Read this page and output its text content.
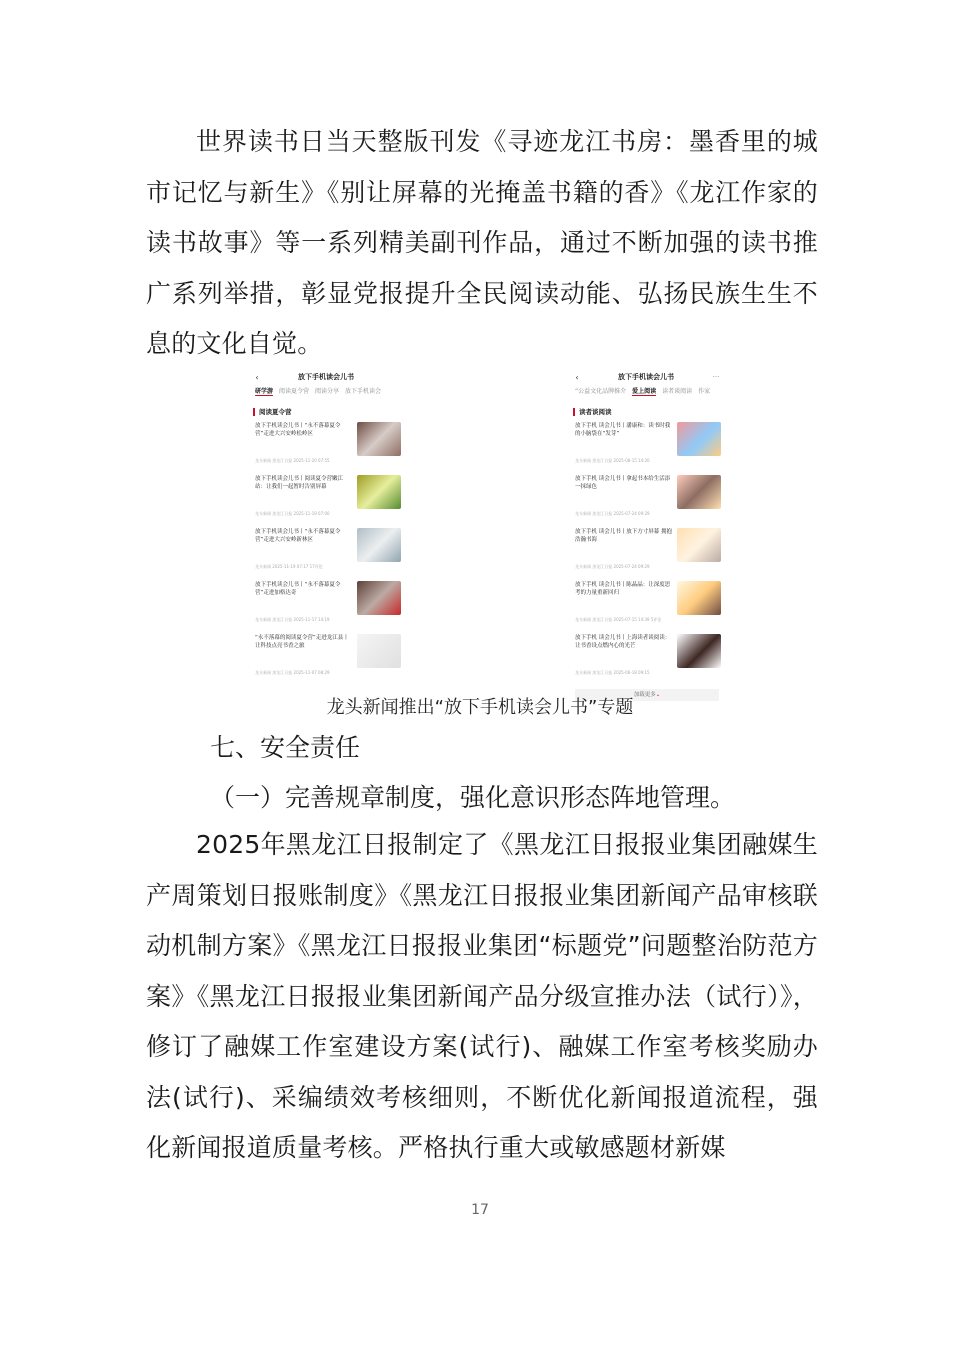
世界读书日当天整版刊发《寻迹龙江书房：墨香里的城市记忆与新生》《别让屏幕的光掩盖书籍的香》《龙江作家的读书故事》等一系列精美副刊作品，通过不断加强的读书推广系列举措，彰显党报提升全民阅读动能、弘扬民族生生不息的文化自觉。

‹	放下手机读会儿书
研学游 阅读夏令营 阅读分享 放下手机读会
阅读夏令营
放下手机读会儿书丨“永不落幕夏令营”走进大兴安岭松岭区
龙头新闻 黑龙江日报 2025-11-20 07:55
放下手机读会儿书丨阅读夏令营嫩江站：让我们一起暂时告别屏幕
龙头新闻 黑龙江日报 2025-11-19 07:00
放下手机读会儿书丨“永不落幕夏令营”走进大兴安岭新林区
龙头新闻 2025-11-19 07:17 17评论
放下手机读会儿书丨“永不落幕夏令营”走进加格达奇
龙头新闻 黑龙江日报 2025-11-17 14:19
“永不落幕的阅读夏令营”走进龙江县丨让科技点亮书香之旅
龙头新闻 黑龙江日报 2025-11-07 08:29
‹	放下手机读会儿书	···
“公益文化品牌推介 爱上阅读 读者谈阅读 作家
读者谈阅读
放下手机 读会儿书丨潘康和：读书时我的小脑袋在“发芽”
龙头新闻 黑龙江日报 2025-08-15 14:20
放下手机 读会儿书丨拿起书本给生活添一抹绿色
龙头新闻 黑龙江日报 2025-07-24 09:29
放下手机 读会儿书丨放下方寸屏幕 拥抱浩瀚书海
龙头新闻 黑龙江日报 2025-07-24 09:29
放下手机 读会儿书丨陈晶晶：让深度思考的力量重新回归
龙头新闻 黑龙江日报 2025-07-15 14:39 5评论
放下手机 读会儿书丨上海读者谈阅读：让书香设点燃内心的光芒
龙头新闻 黑龙江日报 2025-06-18 09:15
加载更多⌄
龙头新闻推出“放下手机读会儿书”专题
七、安全责任
（一）完善规章制度，强化意识形态阵地管理。

2025年黑龙江日报制定了《黑龙江日报报业集团融媒生产周策划日报账制度》《黑龙江日报报业集团新闻产品审核联动机制方案》《黑龙江日报报业集团“标题党”问题整治防范方案》《黑龙江日报报业集团新闻产品分级宣推办法（试行）》，修订了融媒工作室建设方案(试行)、融媒工作室考核奖励办法(试行)、采编绩效考核细则，不断优化新闻报道流程，强化新闻报道质量考核。严格执行重大或敏感题材新媒

17
